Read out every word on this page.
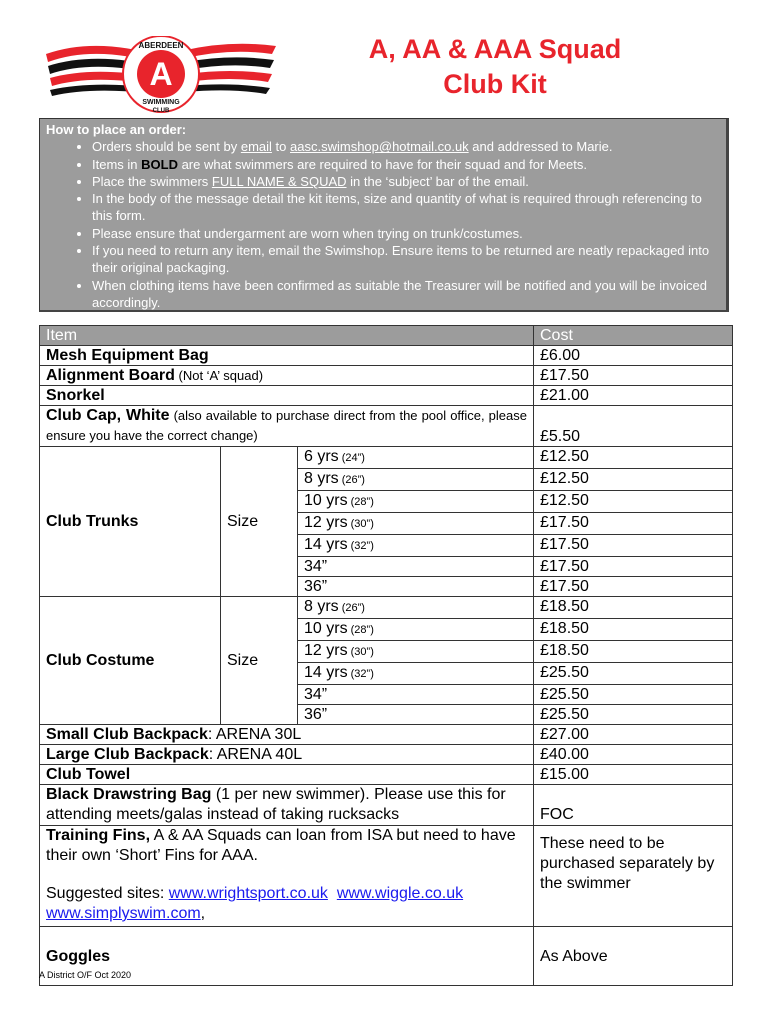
A
ABERDEEN
SWIMMING
CLUB
A, AA & AAA Squad
Club Kit
How to place an order:
• Orders should be sent by email to aasc.swimshop@hotmail.co.uk and addressed to Marie.
• Items in BOLD are what swimmers are required to have for their squad and for Meets.
• Place the swimmers FULL NAME & SQUAD in the ‘subject’ bar of the email.
• In the body of the message detail the kit items, size and quantity of what is required through referencing to this form.
• Please ensure that undergarment are worn when trying on trunk/costumes.
• If you need to return any item, email the Swimshop. Ensure items to be returned are neatly repackaged into their original packaging.
• When clothing items have been confirmed as suitable the Treasurer will be notified and you will be invoiced accordingly.
Item			Cost
Mesh Equipment Bag			£6.00
Alignment Board (Not ‘A’ squad)			£17.50
Snorkel			£21.00
Club Cap, White (also available to purchase direct from the pool office, please ensure you have the correct change)			£5.50
Club Trunks	Size	6 yrs (24”)	£12.50
		8 yrs (26”)	£12.50
		10 yrs (28”)	£12.50
		12 yrs (30”)	£17.50
		14 yrs (32”)	£17.50
		34”	£17.50
		36”	£17.50
Club Costume	Size	8 yrs (26”)	£18.50
		10 yrs (28”)	£18.50
		12 yrs (30”)	£18.50
		14 yrs (32”)	£25.50
		34”	£25.50
		36”	£25.50
Small Club Backpack: ARENA 30L			£27.00
Large Club Backpack: ARENA 40L			£40.00
Club Towel			£15.00
Black Drawstring Bag (1 per new swimmer). Please use this for attending meets/galas instead of taking rucksacks			FOC

Training Fins, A & AA Squads can loan from ISA but need to have their own ‘Short’ Fins for AAA.
Suggested sites: www.wrightsport.co.uk www.wiggle.co.uk
www.simplyswim.com,			These need to be purchased separately by the swimmer
Goggles			As Above
A District O/F Oct 2020
